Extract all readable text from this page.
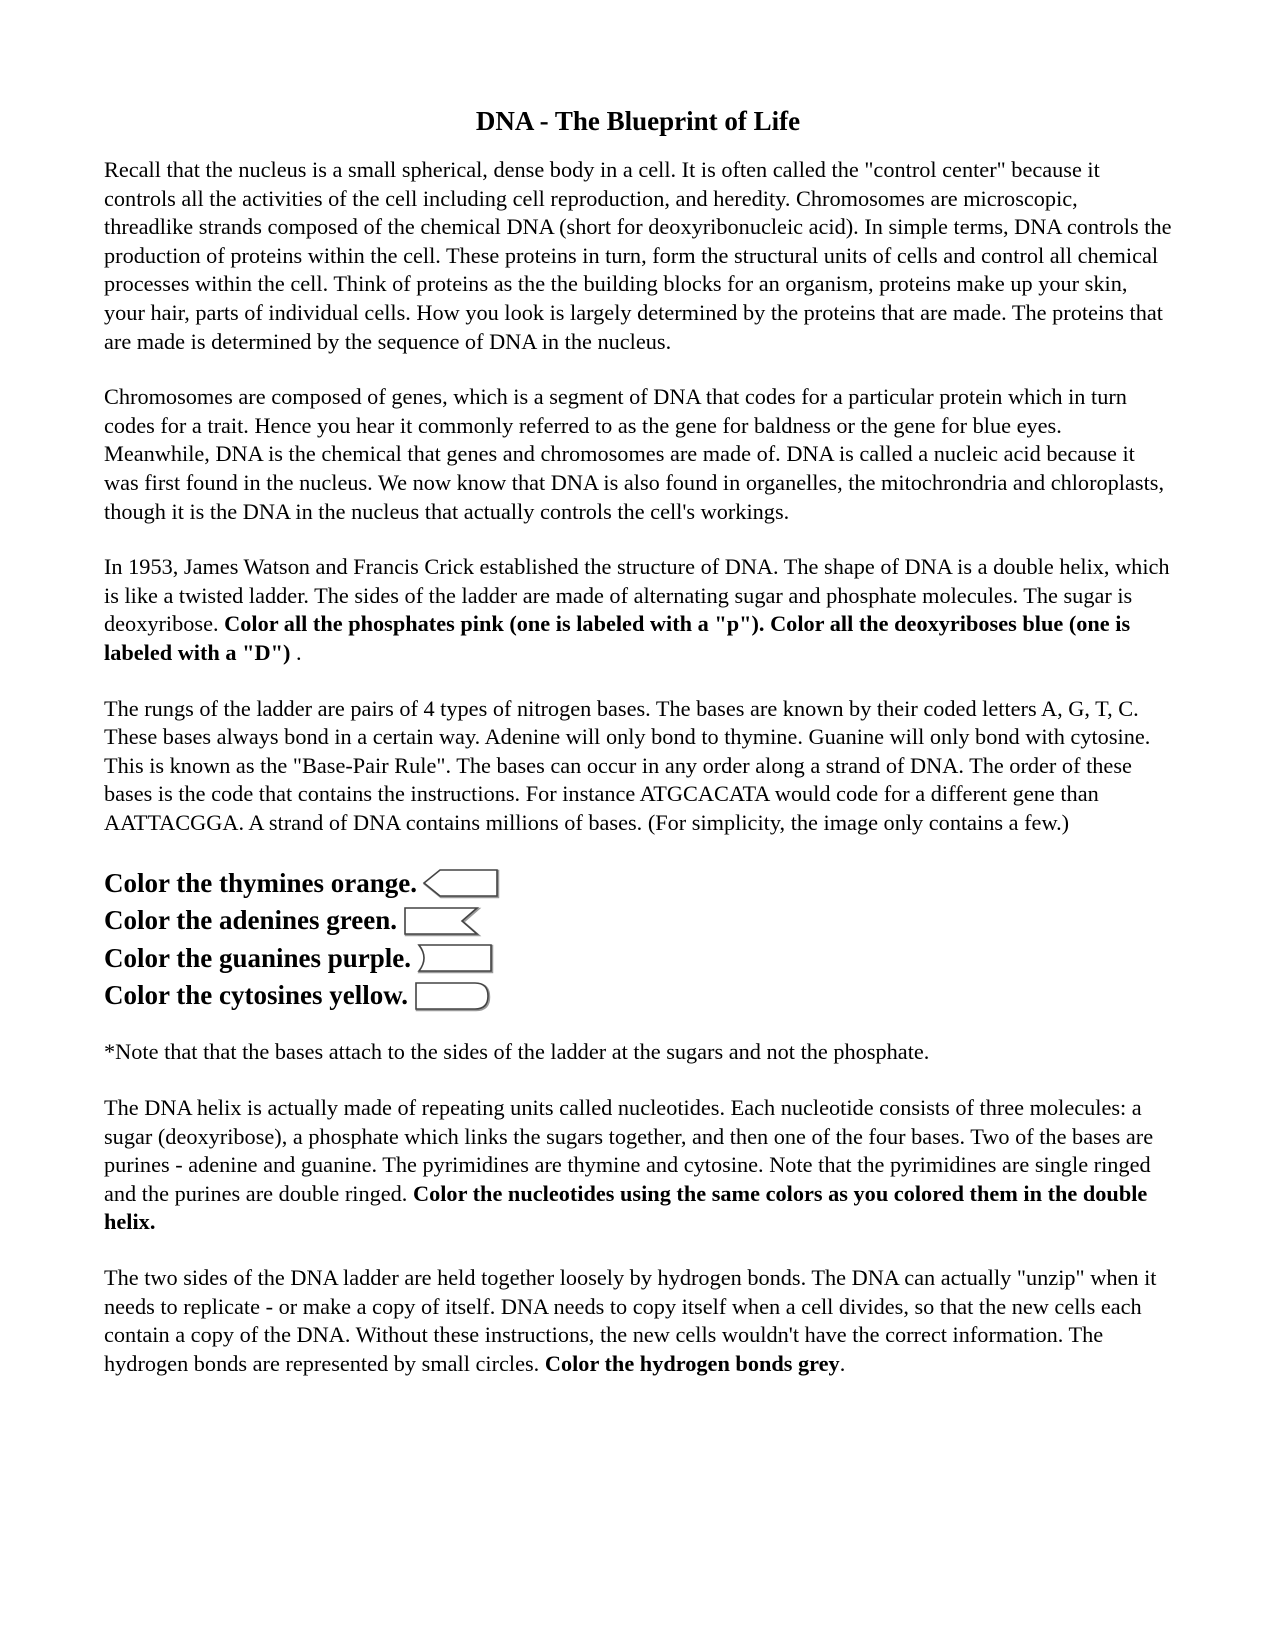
DNA - The Blueprint of Life

Recall that the nucleus is a small spherical, dense body in a cell. It is often called the "control center" because it controls all the activities of the cell including cell reproduction, and heredity. Chromosomes are microscopic, threadlike strands composed of the chemical DNA (short for deoxyribonucleic acid). In simple terms, DNA controls the production of proteins within the cell. These proteins in turn, form the structural units of cells and control all chemical processes within the cell. Think of proteins as the the building blocks for an organism, proteins make up your skin, your hair, parts of individual cells. How you look is largely determined by the proteins that are made. The proteins that are made is determined by the sequence of DNA in the nucleus.

Chromosomes are composed of genes, which is a segment of DNA that codes for a particular protein which in turn codes for a trait. Hence you hear it commonly referred to as the gene for baldness or the gene for blue eyes. Meanwhile, DNA is the chemical that genes and chromosomes are made of. DNA is called a nucleic acid because it was first found in the nucleus. We now know that DNA is also found in organelles, the mitochrondria and chloroplasts, though it is the DNA in the nucleus that actually controls the cell's workings.

In 1953, James Watson and Francis Crick established the structure of DNA. The shape of DNA is a double helix, which is like a twisted ladder. The sides of the ladder are made of alternating sugar and phosphate molecules. The sugar is deoxyribose. Color all the phosphates pink (one is labeled with a "p"). Color all the deoxyriboses blue (one is labeled with a "D") .

The rungs of the ladder are pairs of 4 types of nitrogen bases. The bases are known by their coded letters A, G, T, C. These bases always bond in a certain way. Adenine will only bond to thymine. Guanine will only bond with cytosine. This is known as the "Base-Pair Rule". The bases can occur in any order along a strand of DNA. The order of these bases is the code that contains the instructions. For instance ATGCACATA would code for a different gene than AATTACGGA. A strand of DNA contains millions of bases. (For simplicity, the image only contains a few.)

Color the thymines orange.
Color the adenines green.
Color the guanines purple.
Color the cytosines yellow.

*Note that that the bases attach to the sides of the ladder at the sugars and not the phosphate.

The DNA helix is actually made of repeating units called nucleotides. Each nucleotide consists of three molecules: a sugar (deoxyribose), a phosphate which links the sugars together, and then one of the four bases. Two of the bases are purines - adenine and guanine. The pyrimidines are thymine and cytosine. Note that the pyrimidines are single ringed and the purines are double ringed. Color the nucleotides using the same colors as you colored them in the double helix.

The two sides of the DNA ladder are held together loosely by hydrogen bonds. The DNA can actually "unzip" when it needs to replicate - or make a copy of itself. DNA needs to copy itself when a cell divides, so that the new cells each contain a copy of the DNA. Without these instructions, the new cells wouldn't have the correct information. The hydrogen bonds are represented by small circles. Color the hydrogen bonds grey.
